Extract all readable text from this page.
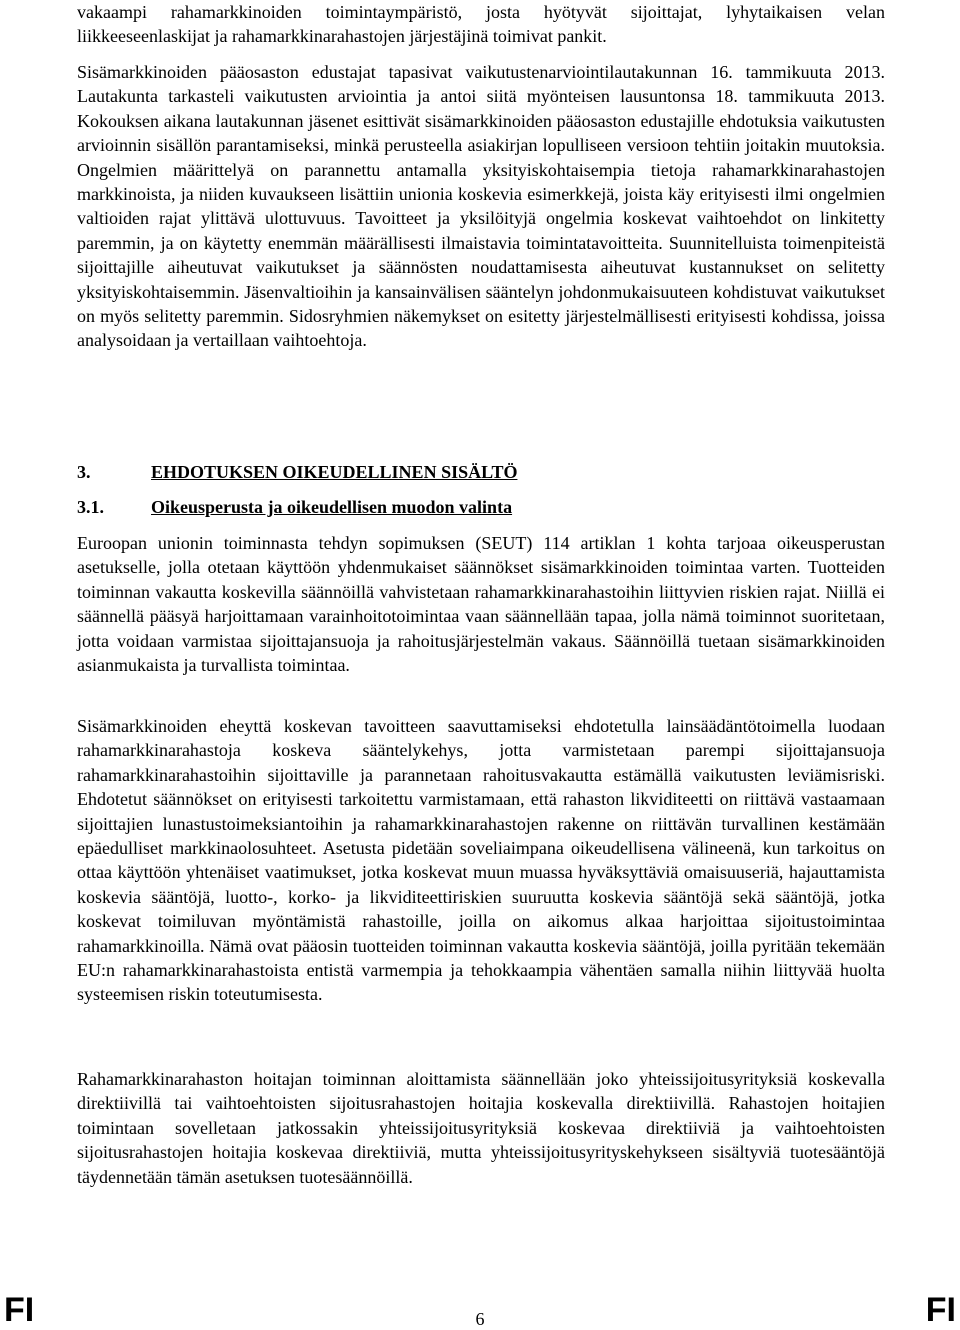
vakaampi rahamarkkinoiden toimintaympäristö, josta hyötyvät sijoittajat, lyhytaikaisen velan liikkeeseenlaskijat ja rahamarkkinarahastojen järjestäjinä toimivat pankit.

Sisämarkkinoiden pääosaston edustajat tapasivat vaikutustenarviointilautakunnan 16. tammikuuta 2013. Lautakunta tarkasteli vaikutusten arviointia ja antoi siitä myönteisen lausuntonsa 18. tammikuuta 2013. Kokouksen aikana lautakunnan jäsenet esittivät sisämarkkinoiden pääosaston edustajille ehdotuksia vaikutusten arvioinnin sisällön parantamiseksi, minkä perusteella asiakirjan lopulliseen versioon tehtiin joitakin muutoksia. Ongelmien määrittelyä on parannettu antamalla yksityiskohtaisempia tietoja rahamarkkinarahastojen markkinoista, ja niiden kuvaukseen lisättiin unionia koskevia esimerkkejä, joista käy erityisesti ilmi ongelmien valtioiden rajat ylittävä ulottuvuus. Tavoitteet ja yksilöityjä ongelmia koskevat vaihtoehdot on linkitetty paremmin, ja on käytetty enemmän määrällisesti ilmaistavia toimintatavoitteita. Suunnitelluista toimenpiteistä sijoittajille aiheutuvat vaikutukset ja säännösten noudattamisesta aiheutuvat kustannukset on selitetty yksityiskohtaisemmin. Jäsenvaltioihin ja kansainvälisen sääntelyn johdonmukaisuuteen kohdistuvat vaikutukset on myös selitetty paremmin. Sidosryhmien näkemykset on esitetty järjestelmällisesti erityisesti kohdissa, joissa analysoidaan ja vertaillaan vaihtoehtoja.

3.	EHDOTUKSEN OIKEUDELLINEN SISÄLTÖ
3.1.	Oikeusperusta ja oikeudellisen muodon valinta

Euroopan unionin toiminnasta tehdyn sopimuksen (SEUT) 114 artiklan 1 kohta tarjoaa oikeusperustan asetukselle, jolla otetaan käyttöön yhdenmukaiset säännökset sisämarkkinoiden toimintaa varten. Tuotteiden toiminnan vakautta koskevilla säännöillä vahvistetaan rahamarkkinarahastoihin liittyvien riskien rajat. Niillä ei säännellä pääsyä harjoittamaan varainhoitotoimintaa vaan säännellään tapaa, jolla nämä toiminnot suoritetaan, jotta voidaan varmistaa sijoittajansuoja ja rahoitusjärjestelmän vakaus. Säännöillä tuetaan sisämarkkinoiden asianmukaista ja turvallista toimintaa.

Sisämarkkinoiden eheyttä koskevan tavoitteen saavuttamiseksi ehdotetulla lainsäädäntötoimella luodaan rahamarkkinarahastoja koskeva sääntelykehys, jotta varmistetaan parempi sijoittajansuoja rahamarkkinarahastoihin sijoittaville ja parannetaan rahoitusvakautta estämällä vaikutusten leviämisriski. Ehdotetut säännökset on erityisesti tarkoitettu varmistamaan, että rahaston likviditeetti on riittävä vastaamaan sijoittajien lunastustoimeksiantoihin ja rahamarkkinarahastojen rakenne on riittävän turvallinen kestämään epäedulliset markkinaolosuhteet. Asetusta pidetään soveliaimpana oikeudellisena välineenä, kun tarkoitus on ottaa käyttöön yhtenäiset vaatimukset, jotka koskevat muun muassa hyväksyttäviä omaisuuseriä, hajauttamista koskevia sääntöjä, luotto-, korko- ja likviditeettiriskien suuruutta koskevia sääntöjä sekä sääntöjä, jotka koskevat toimiluvan myöntämistä rahastoille, joilla on aikomus alkaa harjoittaa sijoitustoimintaa rahamarkkinoilla. Nämä ovat pääosin tuotteiden toiminnan vakautta koskevia sääntöjä, joilla pyritään tekemään EU:n rahamarkkinarahastoista entistä varmempia ja tehokkaampia vähentäen samalla niihin liittyvää huolta systeemisen riskin toteutumisesta.

Rahamarkkinarahaston hoitajan toiminnan aloittamista säännellään joko yhteissijoitusyrityksiä koskevalla direktiivillä tai vaihtoehtoisten sijoitusrahastojen hoitajia koskevalla direktiivillä. Rahastojen hoitajien toimintaan sovelletaan jatkossakin yhteissijoitusyrityksiä koskevaa direktiiviä ja vaihtoehtoisten sijoitusrahastojen hoitajia koskevaa direktiiviä, mutta yhteissijoitusyrityskehykseen sisältyviä tuotesääntöjä täydennetään tämän asetuksen tuotesäännöillä.

FI	6	FI
